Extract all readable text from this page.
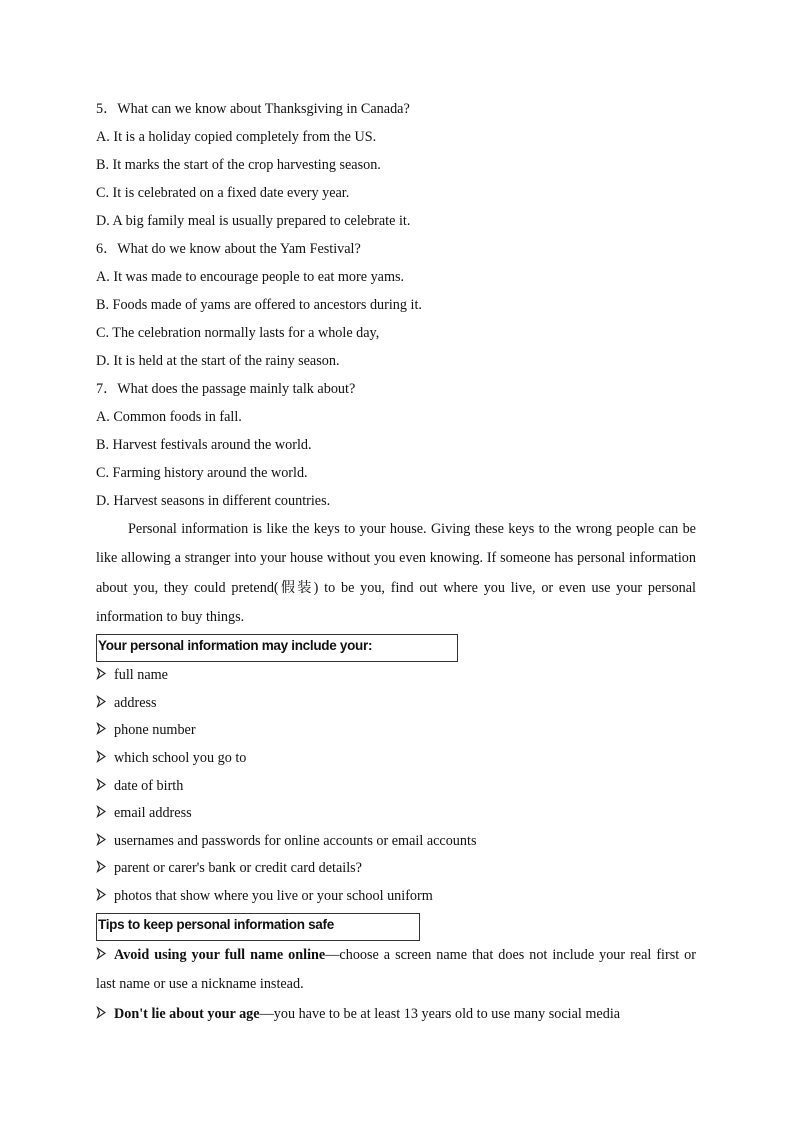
5．What can we know about Thanksgiving in Canada?
A. It is a holiday copied completely from the US.
B. It marks the start of the crop harvesting season.
C. It is celebrated on a fixed date every year.
D. A big family meal is usually prepared to celebrate it.
6．What do we know about the Yam Festival?
A. It was made to encourage people to eat more yams.
B. Foods made of yams are offered to ancestors during it.
C. The celebration normally lasts for a whole day,
D. It is held at the start of the rainy season.
7．What does the passage mainly talk about?
A. Common foods in fall.
B. Harvest festivals around the world.
C. Farming history around the world.
D. Harvest seasons in different countries.

Personal information is like the keys to your house. Giving these keys to the wrong people can be like allowing a stranger into your house without you even knowing. If someone has personal information about you, they could pretend(假装) to be you, find out where you live, or even use your personal information to buy things.

Your personal information may include your:
full name
address
phone number
which school you go to
date of birth
email address
usernames and passwords for online accounts or email accounts
parent or carer's bank or credit card details?
photos that show where you live or your school uniform
Tips to keep personal information safe

Avoid using your full name online—choose a screen name that does not include your real first or last name or use a nickname instead.

Don't lie about your age—you have to be at least 13 years old to use many social media
